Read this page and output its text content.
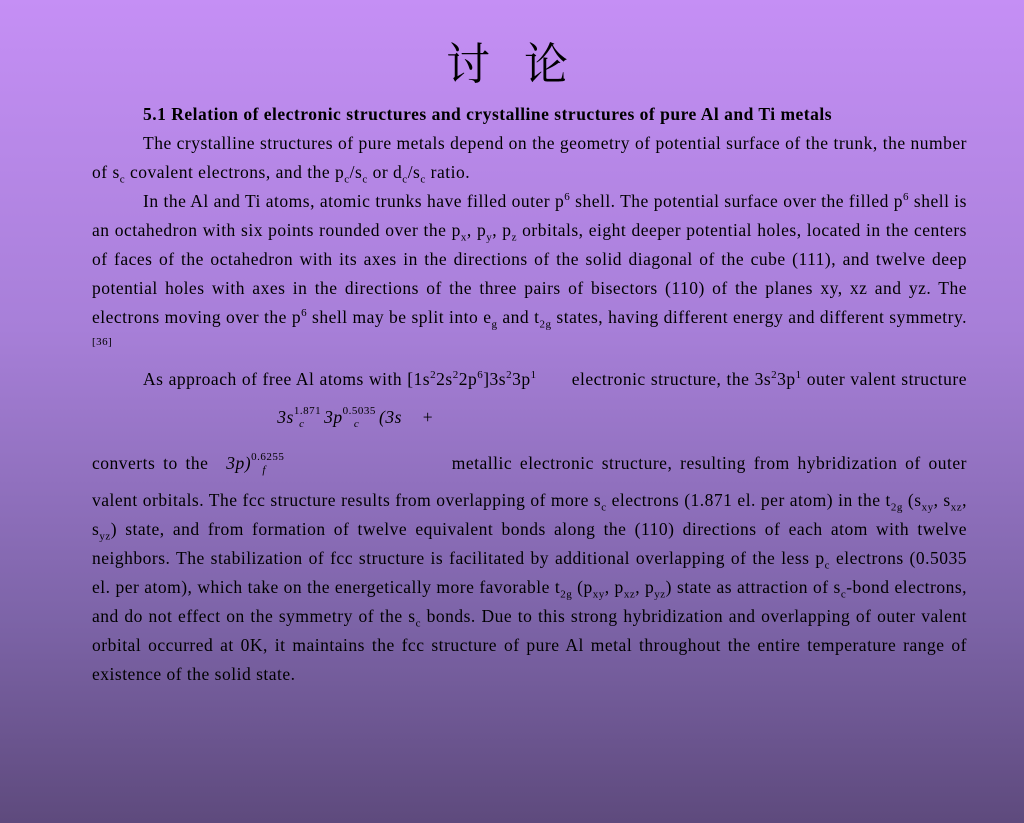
讨 论

5.1 Relation of electronic structures and crystalline structures of pure Al and Ti metals

The crystalline structures of pure metals depend on the geometry of potential surface of the trunk, the number of $s_c$ covalent electrons, and the $p_c/s_c$ or $d_c/s_c$ ratio.

In the Al and Ti atoms, atomic trunks have filled outer $p^6$ shell. The potential surface over the filled $p^6$ shell is an octahedron with six points rounded over the $p_x$, $p_y$, $p_z$ orbitals, eight deeper potential holes, located in the centers of faces of the octahedron with its axes in the directions of the solid diagonal of the cube (111), and twelve deep potential holes with axes in the directions of the three pairs of bisectors (110) of the planes xy, xz and yz. The electrons moving over the $p^6$ shell may be split into $e_g$ and $t_{2g}$ states, having different energy and different symmetry.[36]

As approach of free Al atoms with $[1s^22s^22p^6]3s^23p^1$ electronic structure, the $3s^23p^1$ outer valent structure converts to the $3s^{1.871}_c$ $3p^{0.5035}_c$ $(3s + 3p)^{0.6255}_f$	metallic electronic structure, resulting from hybridization of outer valent orbitals. The fcc structure results from overlapping of more $s_c$ electrons (1.871 el. per atom) in the $t_{2g}$ ($s_{xy}$, $s_{xz}$, $s_{yz}$) state, and from formation of twelve equivalent bonds along the (110) directions of each atom with twelve neighbors. The stabilization of fcc structure is facilitated by additional overlapping of the less $p_c$ electrons (0.5035 el. per atom), which take on the energetically more favorable $t_{2g}$ ($p_{xy}$, $p_{xz}$, $p_{yz}$) state as attraction of $s_c$-bond electrons, and do not effect on the symmetry of the $s_c$ bonds. Due to this strong hybridization and overlapping of outer valent orbital occurred at 0K, it maintains the fcc structure of pure Al metal throughout the entire temperature range of existence of the solid state.
